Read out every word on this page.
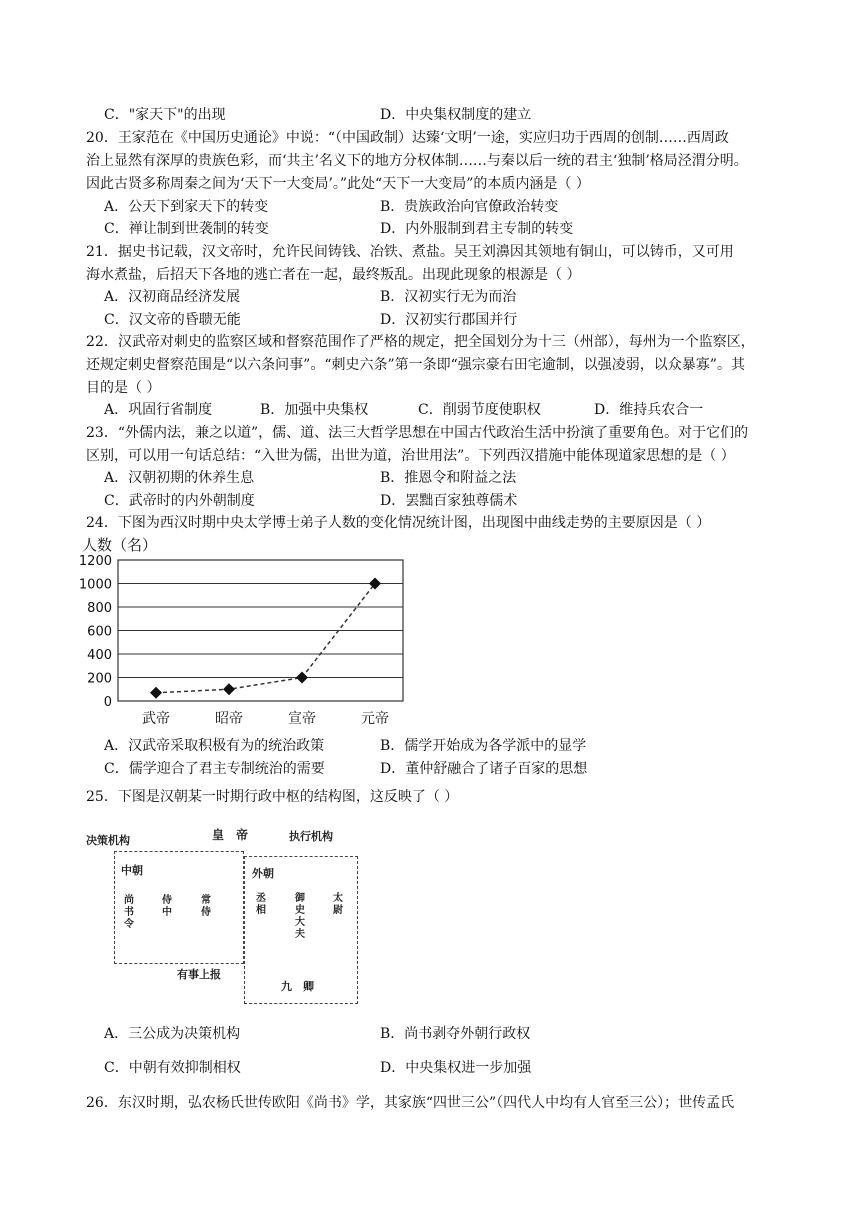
C．"家天下"的出现	D．中央集权制度的建立
20．王家范在《中国历史通论》中说：“（中国政制）达臻‘文明’一途，实应归功于西周的创制……西周政
治上显然有深厚的贵族色彩，而‘共主’名义下的地方分权体制……与秦以后一统的君主‘独制’格局泾渭分明。
因此古贤多称周秦之间为‘天下一大变局’。”此处“天下一大变局”的本质内涵是（ ）
A．公天下到家天下的转变	B．贵族政治向官僚政治转变
C．禅让制到世袭制的转变	D．内外服制到君主专制的转变
21．据史书记载，汉文帝时，允许民间铸钱、冶铁、煮盐。吴王刘濞因其领地有铜山，可以铸币，又可用
海水煮盐，后招天下各地的逃亡者在一起，最终叛乱。出现此现象的根源是（ ）
A．汉初商品经济发展	B．汉初实行无为而治
C．汉文帝的昏聩无能	D．汉初实行郡国并行
22．汉武帝对刺史的监察区域和督察范围作了严格的规定，把全国划分为十三（州部），每州为一个监察区，
还规定刺史督察范围是“以六条问事”。“刺史六条”第一条即“强宗豪右田宅逾制，以强凌弱，以众暴寡”。其
目的是（ ）
A．巩固行省制度	B．加强中央集权	C．削弱节度使职权	D．维持兵农合一
23．“外儒内法，兼之以道”，儒、道、法三大哲学思想在中国古代政治生活中扮演了重要角色。对于它们的
区别，可以用一句话总结：“入世为儒，出世为道，治世用法”。下列西汉措施中能体现道家思想的是（ ）
A．汉朝初期的休养生息	B．推恩令和附益之法
C．武帝时的内外朝制度	D．罢黜百家独尊儒术
24．下图为西汉时期中央太学博士弟子人数的变化情况统计图，出现图中曲线走势的主要原因是（ ）
人数（名）
0
200
400
600
800
1000
1200
武帝	昭帝	宣帝	元帝
A．汉武帝采取积极有为的统治政策	B．儒学开始成为各学派中的显学
C．儒学迎合了君主专制统治的需要	D．董仲舒融合了诸子百家的思想
25．下图是汉朝某一时期行政中枢的结构图，这反映了（ ）
决策机构	皇　帝	执行机构
中朝
尚书令
侍中
常侍
有事上报
外朝
丞相
御史大夫
太尉
九　卿
A．三公成为决策机构	B．尚书剥夺外朝行政权
C．中朝有效抑制相权	D．中央集权进一步加强
26．东汉时期，弘农杨氏世传欧阳《尚书》学，其家族“四世三公”（四代人中均有人官至三公）；世传孟氏
